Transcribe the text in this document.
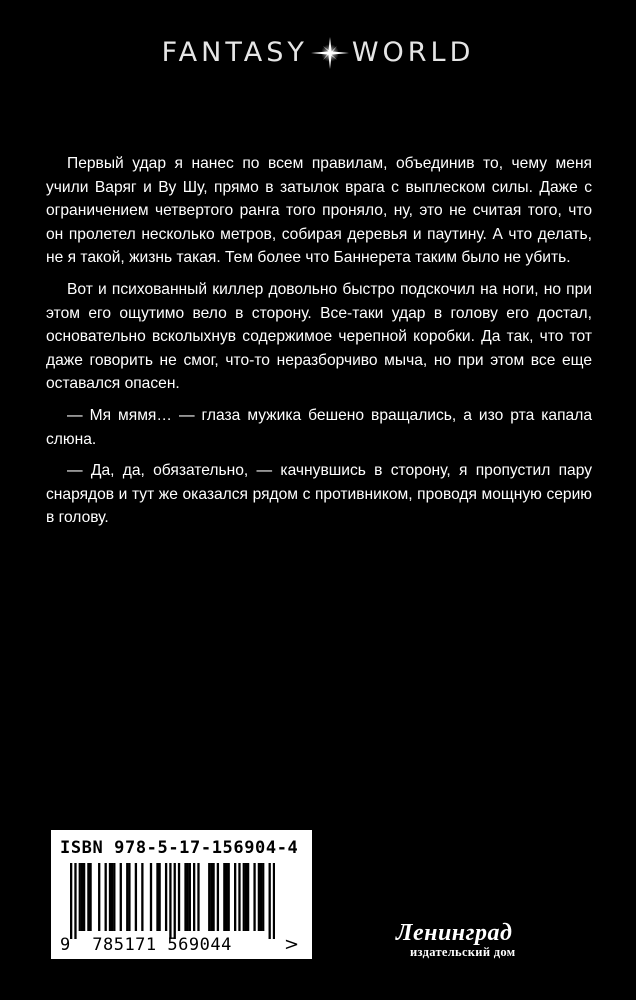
FANTASY WORLD

Первый удар я нанес по всем правилам, объединив то, чему меня учили Варяг и Ву Шу, прямо в затылок врага с выплеском силы. Даже с ограничением четвертого ранга того проняло, ну, это не считая того, что он пролетел несколько метров, собирая деревья и паутину. А что делать, не я такой, жизнь такая. Тем более что Баннерета таким было не убить.

Вот и психованный киллер довольно быстро подскочил на ноги, но при этом его ощутимо вело в сторону. Все-таки удар в голову его достал, основательно всколыхнув содержимое черепной коробки. Да так, что тот даже говорить не смог, что-то неразборчиво мыча, но при этом все еще оставался опасен.

— Мя мямя… — глаза мужика бешено вращались, а изо рта капала слюна.

— Да, да, обязательно, — качнувшись в сторону, я пропустил пару снарядов и тут же оказался рядом с противником, проводя мощную серию в голову.

ISBN 978-5-17-156904-4
9 785171 569044	>	Ленинград
издательский дом
